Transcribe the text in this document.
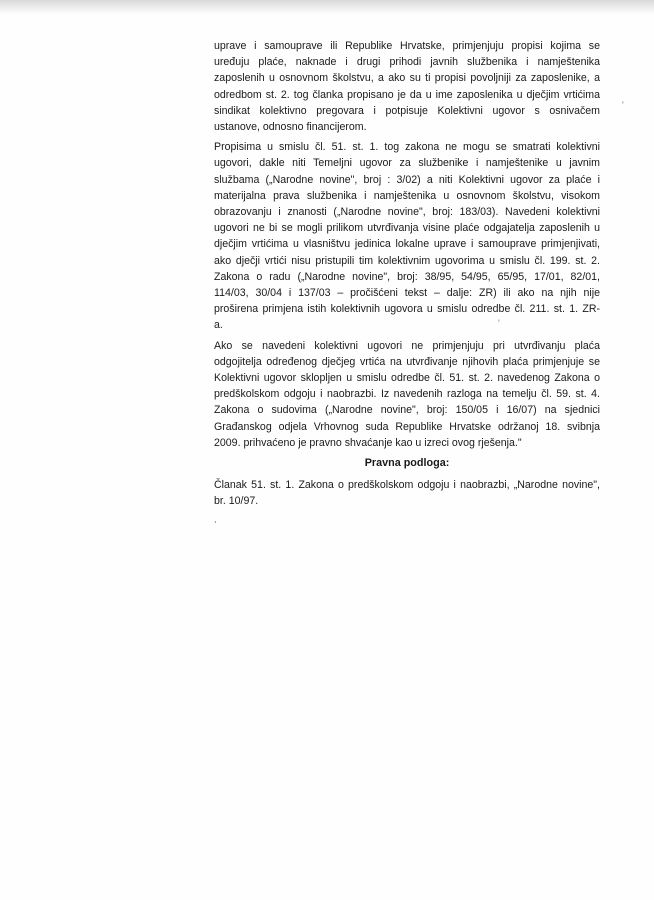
uprave i samouprave ili Republike Hrvatske, primjenjuju propisi kojima se
uređuju plaće, naknade i drugi prihodi javnih službenika i namještenika
zaposlenih u osnovnom školstvu, a ako su ti propisi povoljniji za zaposlenike, a
odredbom st. 2. tog članka propisano je da u ime zaposlenika u dječjim vrtićima
sindikat kolektivno pregovara i potpisuje Kolektivni ugovor s osnivačem
ustanove, odnosno financijerom.
Propisima u smislu čl. 51. st. 1. tog zakona ne mogu se smatrati kolektivni
ugovori, dakle niti Temeljni ugovor za službenike i namještenike u javnim
službama („Narodne novine", broj : 3/02) a niti Kolektivni ugovor za plaće i
materijalna prava službenika i namještenika u osnovnom školstvu, visokom
obrazovanju i znanosti („Narodne novine", broj: 183/03). Navedeni kolektivni
ugovori ne bi se mogli prilikom utvrđivanja visine plaće odgajatelja zaposlenih u
dječjim vrtićima u vlasništvu jedinica lokalne uprave i samouprave primjenjivati,
ako dječji vrtići nisu pristupili tim kolektivnim ugovorima u smislu čl. 199. st. 2.
Zakona o radu („Narodne novine", broj: 38/95, 54/95, 65/95, 17/01, 82/01,
114/03, 30/04 i 137/03 – pročišćeni tekst – dalje: ZR) ili ako na njih nije
proširena primjena istih kolektivnih ugovora u smislu odredbe čl. 211. st. 1. ZR-
a.
Ako se navedeni kolektivni ugovori ne primjenjuju pri utvrđivanju plaća
odgojitelja određenog dječjeg vrtića na utvrđivanje njihovih plaća primjenjuje se
Kolektivni ugovor sklopljen u smislu odredbe čl. 51. st. 2. navedenog Zakona o
predškolskom odgoju i naobrazbi. Iz navedenih razloga na temelju čl. 59. st. 4.
Zakona o sudovima („Narodne novine", broj: 150/05 i 16/07) na sjednici
Građanskog odjela Vrhovnog suda Republike Hrvatske održanoj 18. svibnja
2009. prihvaćeno je pravno shvaćanje kao u izreci ovog rješenja."
Pravna podloga:
Članak 51. st. 1. Zakona o predškolskom odgoju i naobrazbi, „Narodne novine",
br. 10/97.
'
,
'
